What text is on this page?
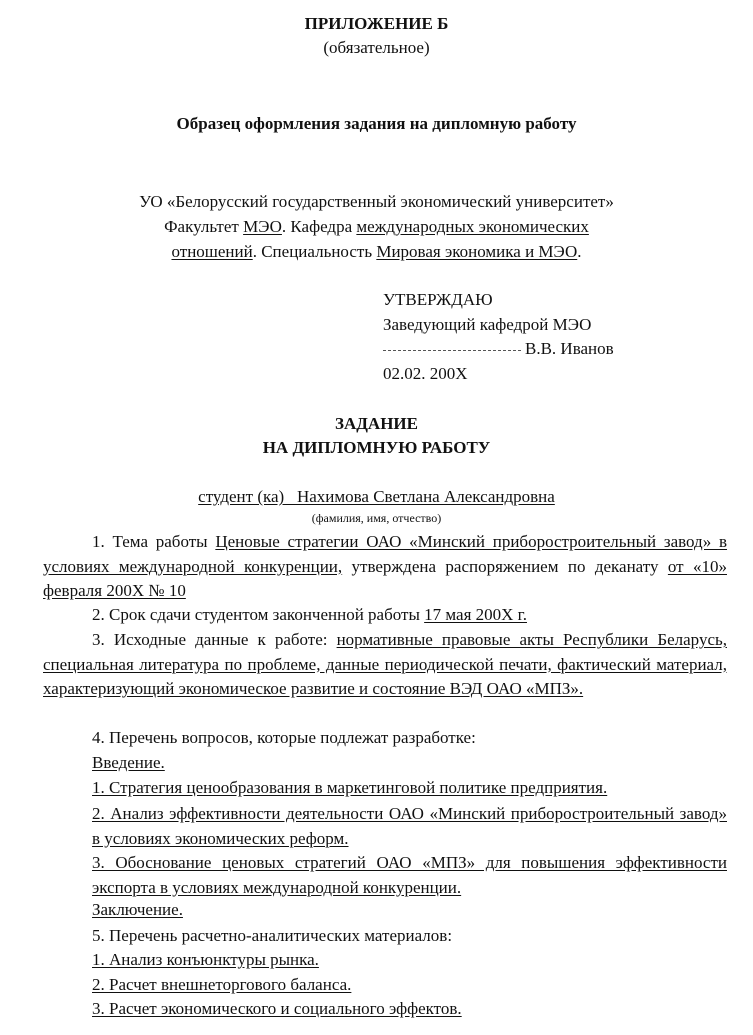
ПРИЛОЖЕНИЕ Б
(обязательное)
Образец оформления задания на дипломную работу
УО «Белорусский государственный экономический университет»
Факультет МЭО. Кафедра международных экономических
отношений. Специальность Мировая экономика и МЭО.
УТВЕРЖДАЮ
Заведующий кафедрой МЭО
В.В. Иванов
02.02. 200X
ЗАДАНИЕ
НА ДИПЛОМНУЮ РАБОТУ
студент (ка)   Нахимова Светлана Александровна
(фамилия, имя, отчество)
1. Тема работы Ценовые стратегии ОАО «Минский приборостроительный завод» в условиях международной конкуренции, утверждена распоряжением по деканату от «10» февраля 200X № 10
2. Срок сдачи студентом законченной работы 17 мая 200X г.
3. Исходные данные к работе: нормативные правовые акты Республики Беларусь, специальная литература по проблеме, данные периодической печати, фактический материал, характеризующий экономическое развитие и состояние ВЭД ОАО «МПЗ».
4. Перечень вопросов, которые подлежат разработке:
Введение.
1. Стратегия ценообразования в маркетинговой политике предприятия.
2. Анализ эффективности деятельности ОАО «Минский приборостроительный завод» в условиях экономических реформ.
3. Обоснование ценовых стратегий ОАО «МПЗ» для повышения эффективности экспорта в условиях международной конкуренции.
Заключение.
5. Перечень расчетно-аналитических материалов:
1. Анализ конъюнктуры рынка.
2. Расчет внешнеторгового баланса.
3. Расчет экономического и социального эффектов.
